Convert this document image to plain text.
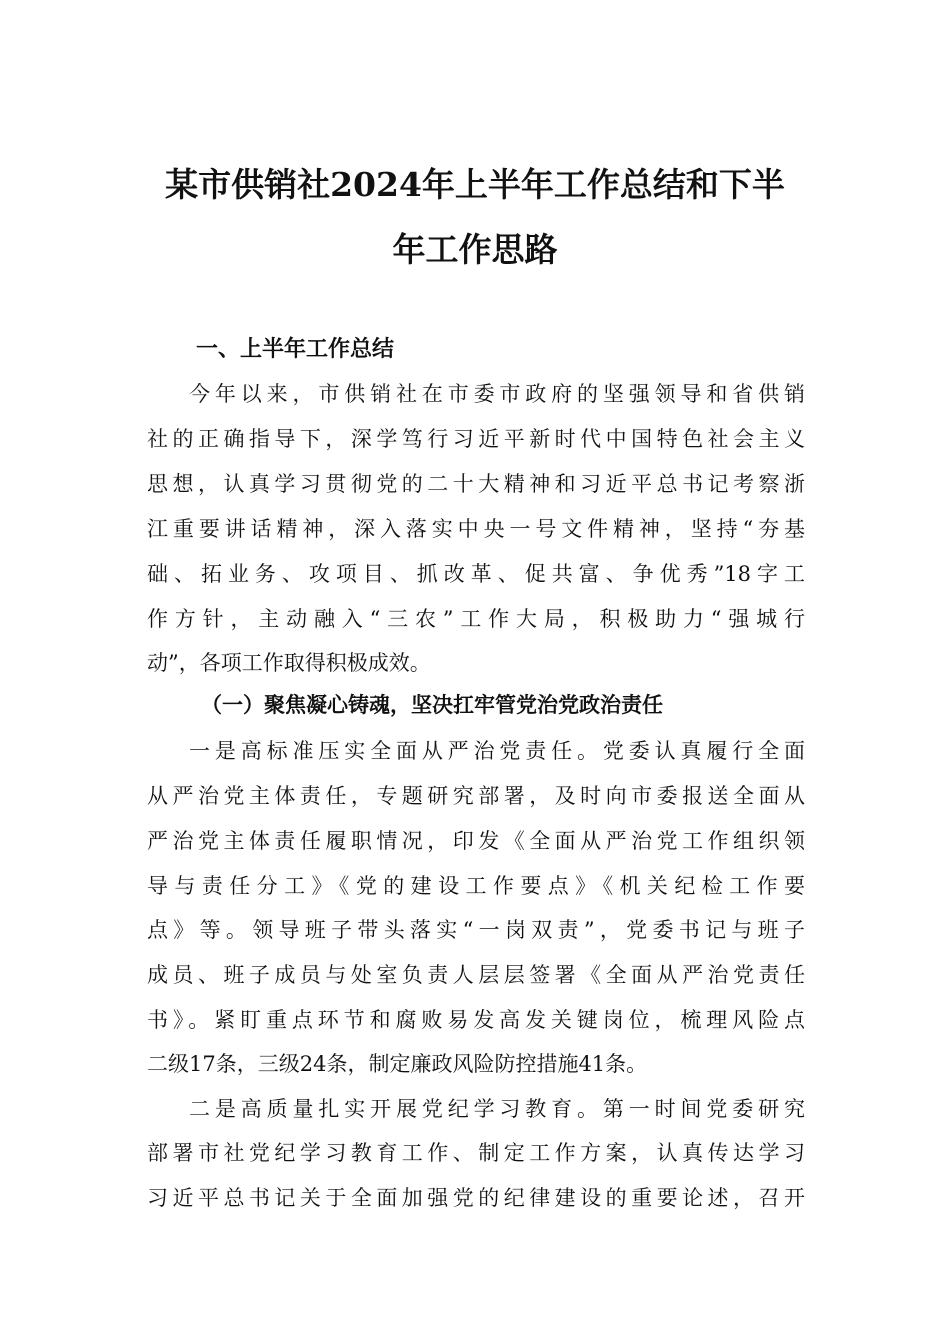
某市供销社2024年上半年工作总结和下半
年工作思路
一、上半年工作总结
今年以来，市供销社在市委市政府的坚强领导和省供销
社的正确指导下，深学笃行习近平新时代中国特色社会主义
思想，认真学习贯彻党的二十大精神和习近平总书记考察浙
江重要讲话精神，深入落实中央一号文件精神，坚持“夯基
础、拓业务、攻项目、抓改革、促共富、争优秀”18字工
作方针，主动融入“三农”工作大局，积极助力“强城行
动”，各项工作取得积极成效。
（一）聚焦凝心铸魂，坚决扛牢管党治党政治责任
一是高标准压实全面从严治党责任。党委认真履行全面
从严治党主体责任，专题研究部署，及时向市委报送全面从
严治党主体责任履职情况，印发《全面从严治党工作组织领
导与责任分工》《党的建设工作要点》《机关纪检工作要
点》等。领导班子带头落实“一岗双责”，党委书记与班子
成员、班子成员与处室负责人层层签署《全面从严治党责任
书》。紧盯重点环节和腐败易发高发关键岗位，梳理风险点
二级17条，三级24条，制定廉政风险防控措施41条。
二是高质量扎实开展党纪学习教育。第一时间党委研究
部署市社党纪学习教育工作、制定工作方案，认真传达学习
习近平总书记关于全面加强党的纪律建设的重要论述，召开
